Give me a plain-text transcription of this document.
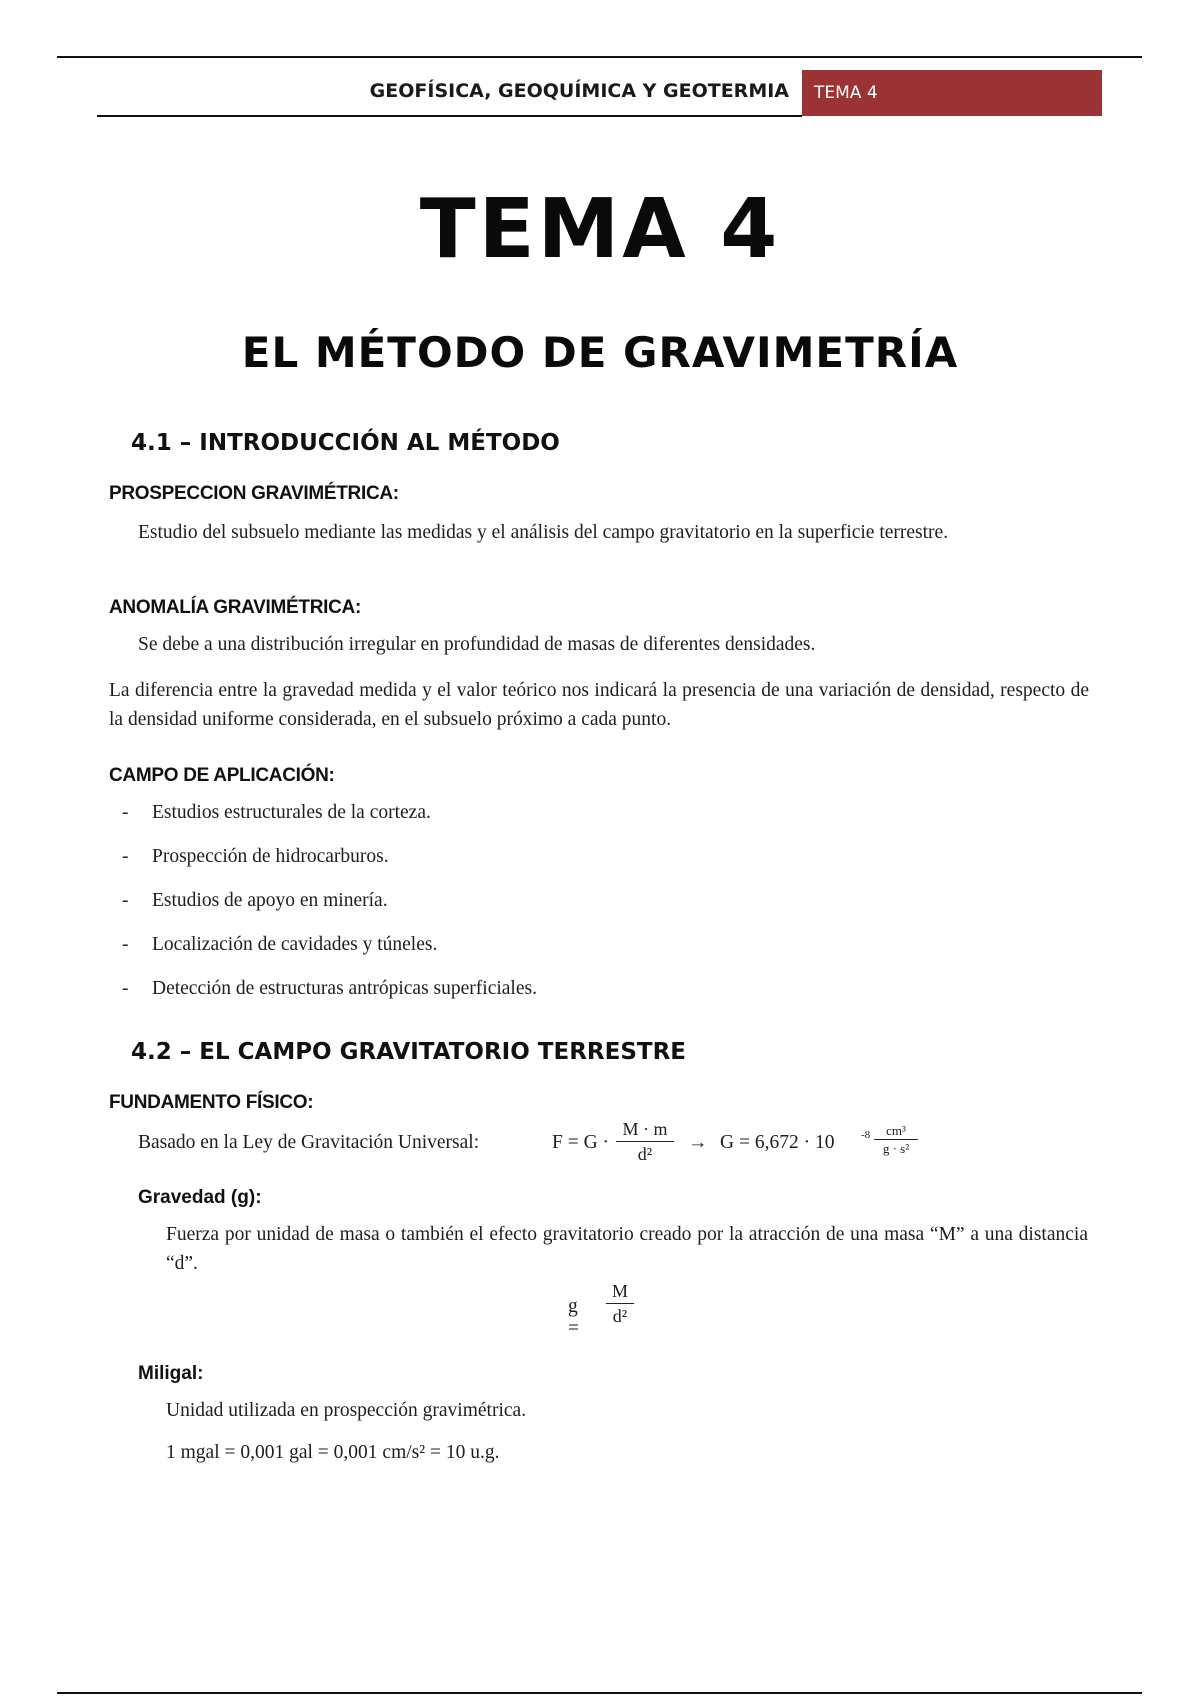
GEOFÍSICA, GEOQUÍMICA Y GEOTERMIA TEMA 4
TEMA 4
EL MÉTODO DE GRAVIMETRÍA
4.1 – INTRODUCCIÓN AL MÉTODO
PROSPECCION GRAVIMÉTRICA:
Estudio del subsuelo mediante las medidas y el análisis del campo gravitatorio en la superficie terrestre.
ANOMALÍA GRAVIMÉTRICA:
Se debe a una distribución irregular en profundidad de masas de diferentes densidades.
La diferencia entre la gravedad medida y el valor teórico nos indicará la presencia de una variación de densidad, respecto de la densidad uniforme considerada, en el subsuelo próximo a cada punto.
CAMPO DE APLICACIÓN:
- Estudios estructurales de la corteza.
- Prospección de hidrocarburos.
- Estudios de apoyo en minería.
- Localización de cavidades y túneles.
- Detección de estructuras antrópicas superficiales.
4.2 – EL CAMPO GRAVITATORIO TERRESTRE
FUNDAMENTO FÍSICO:
Basado en la Ley de Gravitación Universal:	F = G ·
M · m
d²
→ G = 6,672 · 10 -8	cm³
g · s²
Gravedad (g):
Fuerza por unidad de masa o también el efecto gravitatorio creado por la atracción de una masa “M” a una distancia “d”.
g =
M
d²
Miligal:
Unidad utilizada en prospección gravimétrica.
1 mgal = 0,001 gal = 0,001 cm/s² = 10 u.g.
